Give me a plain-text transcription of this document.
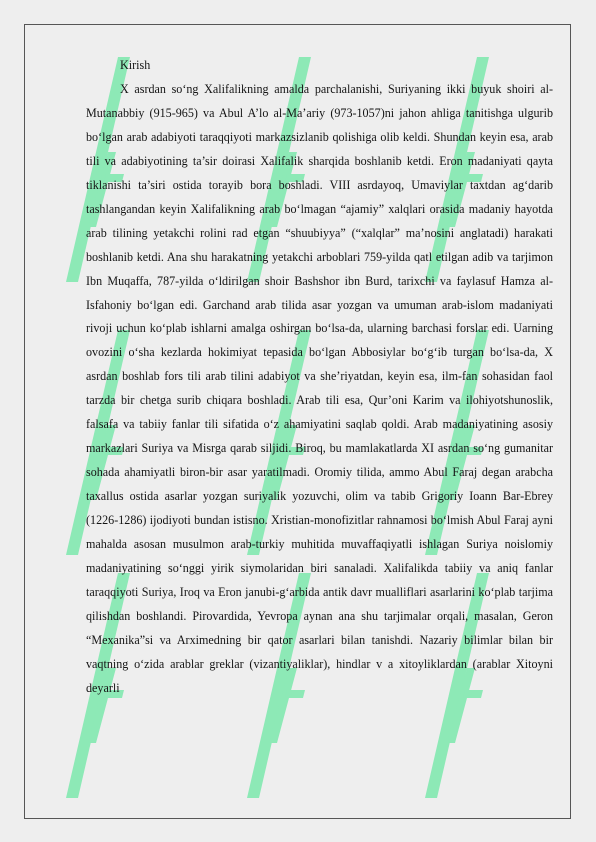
Kirish

X asrdan so‘ng Xalifalikning amalda parchalanishi, Suriyaning ikki buyuk shoiri al-Mutanabbiy (915-965) va Abul A’lo al-Ma’ariy (973-1057)ni jahon ahliga tanitishga ulgurib bo‘lgan arab adabiyoti taraqqiyoti markazsizlanib qolishiga olib keldi. Shundan keyin esa, arab tili va adabiyotining ta’sir doirasi Xalifalik sharqida boshlanib ketdi. Eron madaniyati qayta tiklanishi ta’siri ostida torayib bora boshladi. VIII asrdayoq, Umaviylar taxtdan ag‘darib tashlangandan keyin Xalifalikning arab bo‘lmagan “ajamiy” xalqlari orasida madaniy hayotda arab tilining yetakchi rolini rad etgan “shuubiyya” (“xalqlar” ma’nosini anglatadi) harakati boshlanib ketdi. Ana shu harakatning yetakchi arboblari 759-yilda qatl etilgan adib va tarjimon Ibn Muqaffa, 787-yilda o‘ldirilgan shoir Bashshor ibn Burd, tarixchi va faylasuf Hamza al-Isfahoniy bo‘lgan edi. Garchand arab tilida asar yozgan va umuman arab-islom madaniyati rivoji uchun ko‘plab ishlarni amalga oshirgan bo‘lsa-da, ularning barchasi forslar edi. Uarning ovozini o‘sha kezlarda hokimiyat tepasida bo‘lgan Abbosiylar bo‘g‘ib turgan bo‘lsa-da, X asrdan boshlab fors tili arab tilini adabiyot va she’riyatdan, keyin esa, ilm-fan sohasidan faol tarzda bir chetga surib chiqara boshladi. Arab tili esa, Qur’oni Karim va ilohiyotshunoslik, falsafa va tabiiy fanlar tili sifatida o‘z ahamiyatini saqlab qoldi. Arab madaniyatining asosiy markazlari Suriya va Misrga qarab siljidi. Biroq, bu mamlakatlarda XI asrdan so‘ng gumanitar sohada ahamiyatli biron-bir asar yaratilmadi. Oromiy tilida, ammo Abul Faraj degan arabcha taxallus ostida asarlar yozgan suriyalik yozuvchi, olim va tabib Grigoriy Ioann Bar-Ebrey (1226-1286) ijodiyoti bundan istisno. Xristian-monofizitlar rahnamosi bo‘lmish Abul Faraj ayni mahalda asosan musulmon arab-turkiy muhitida muvaffaqiyatli ishlagan Suriya noislomiy madaniyatining so‘nggi yirik siymolaridan biri sanaladi. Xalifalikda tabiiy va aniq fanlar taraqqiyoti Suriya, Iroq va Eron janubi-g‘arbida antik davr mualliflari asarlarini ko‘plab tarjima qilishdan boshlandi. Pirovardida, Yevropa aynan ana shu tarjimalar orqali, masalan, Geron “Mexanika”si va Arximedning bir qator asarlari bilan tanishdi. Nazariy bilimlar bilan bir vaqtning o‘zida arablar greklar (vizantiyaliklar), hindlar v a xitoyliklardan (arablar Xitoyni deyarli
